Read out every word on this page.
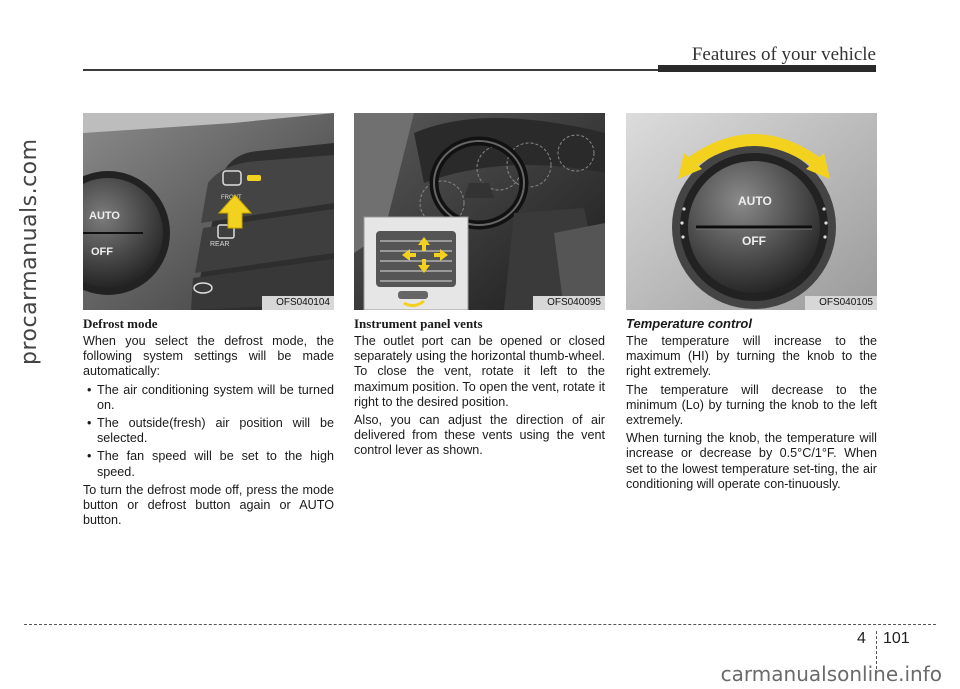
Features of your vehicle
procarmanuals.com	AUTO
OFF
FRONT
REAR
OFS040104
Defrost mode

When you select the defrost mode, the following system settings will be made automatically:

• The air conditioning system will be turned on.

• The outside(fresh) air position will be selected.

• The fan speed will be set to the high speed.

To turn the defrost mode off, press the mode button or defrost button again or AUTO button.

OFS040095
Instrument panel vents

The outlet port can be opened or closed separately using the horizontal thumb-wheel. To close the vent, rotate it left to the maximum position. To open the vent, rotate it right to the desired position.

Also, you can adjust the direction of air delivered from these vents using the vent control lever as shown.

AUTO
OFF
OFS040105
Temperature control

The temperature will increase to the maximum (HI) by turning the knob to the right extremely.

The temperature will decrease to the minimum (Lo) by turning the knob to the left extremely.

When turning the knob, the temperature will increase or decrease by 0.5°C/1°F. When set to the lowest temperature set-ting, the air conditioning will operate con-tinuously.

4 101
carmanualsonline.info
